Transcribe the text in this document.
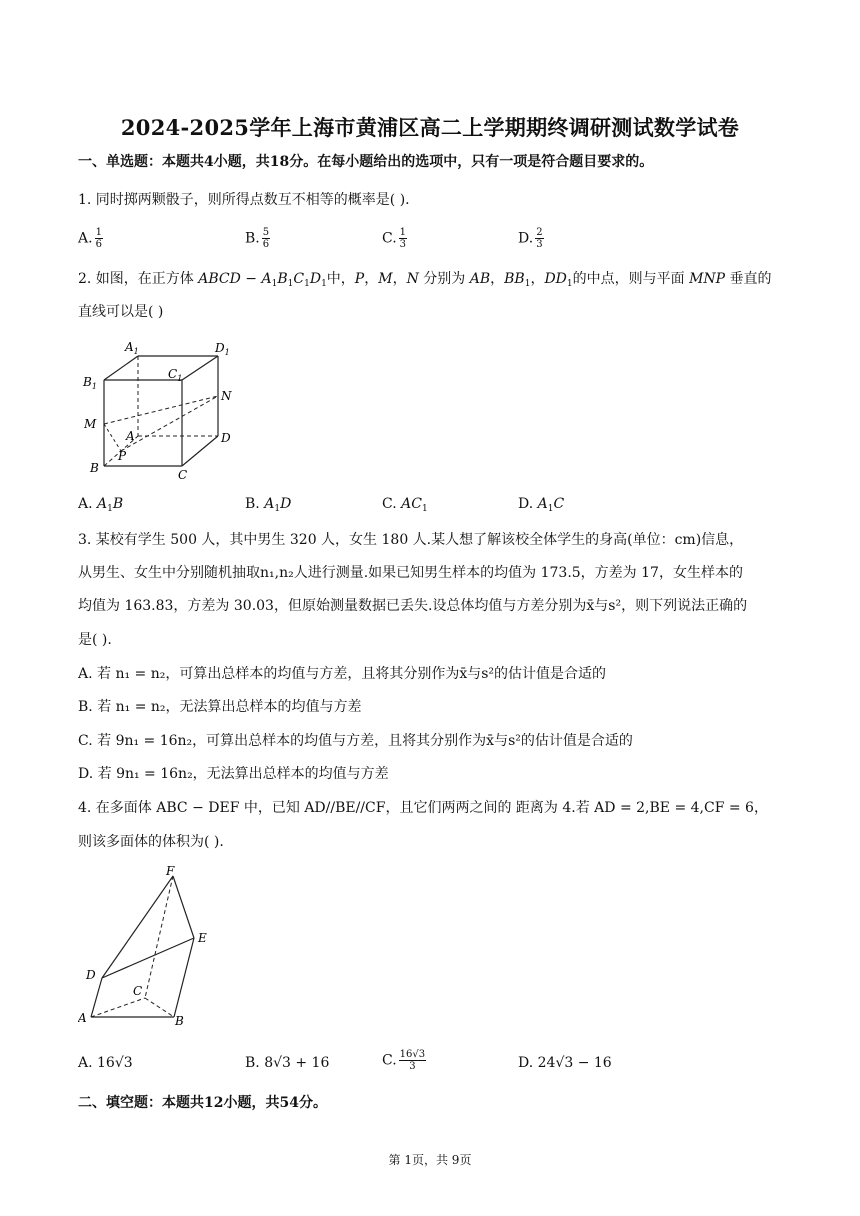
2024-2025学年上海市黄浦区高二上学期期终调研测试数学试卷
一、单选题：本题共4小题，共18分。在每小题给出的选项中，只有一项是符合题目要求的。
1. 同时掷两颗骰子，则所得点数互不相等的概率是( ).
A. $\frac{1}{6}$	B. $\frac{5}{6}$	C. $\frac{1}{3}$	D. $\frac{2}{3}$
2. 如图，在正方体 ABCD − $A_1B_1C_1D_1$中，P，M，N 分别为 AB，$BB_1$，$DD_1$的中点，则与平面 MNP 垂直的
直线可以是( )
$A_1$	$D_1$
$B_1$
$C_1$
N
M
A	D
P
B	C
A. $A_1B$	B. $A_1D$	C. $AC_1$	D. $A_1C$
3. 某校有学生 500 人，其中男生 320 人，女生 180 人.某人想了解该校全体学生的身高(单位：cm)信息，
从男生、女生中分别随机抽取n₁,n₂人进行测量.如果已知男生样本的均值为 173.5，方差为 17，女生样本的
均值为 163.83，方差为 30.03，但原始测量数据已丢失.设总体均值与方差分别为x̄与s²，则下列说法正确的
是( ).
A. 若 n₁ = n₂，可算出总样本的均值与方差，且将其分别作为x̄与s²的估计值是合适的
B. 若 n₁ = n₂，无法算出总样本的均值与方差
C. 若 9n₁ = 16n₂，可算出总样本的均值与方差，且将其分别作为x̄与s²的估计值是合适的
D. 若 9n₁ = 16n₂，无法算出总样本的均值与方差
4. 在多面体 ABC − DEF 中，已知 AD//BE//CF，且它们两两之间的 距离为 4.若 AD = 2,BE = 4,CF = 6，
则该多面体的体积为( ).
F
E
D
C
A	B
A. 16√3	B. 8√3 + 16	C. $\frac{16√3}{3}$	D. 24√3 − 16
二、填空题：本题共12小题，共54分。
第 1页，共 9页
